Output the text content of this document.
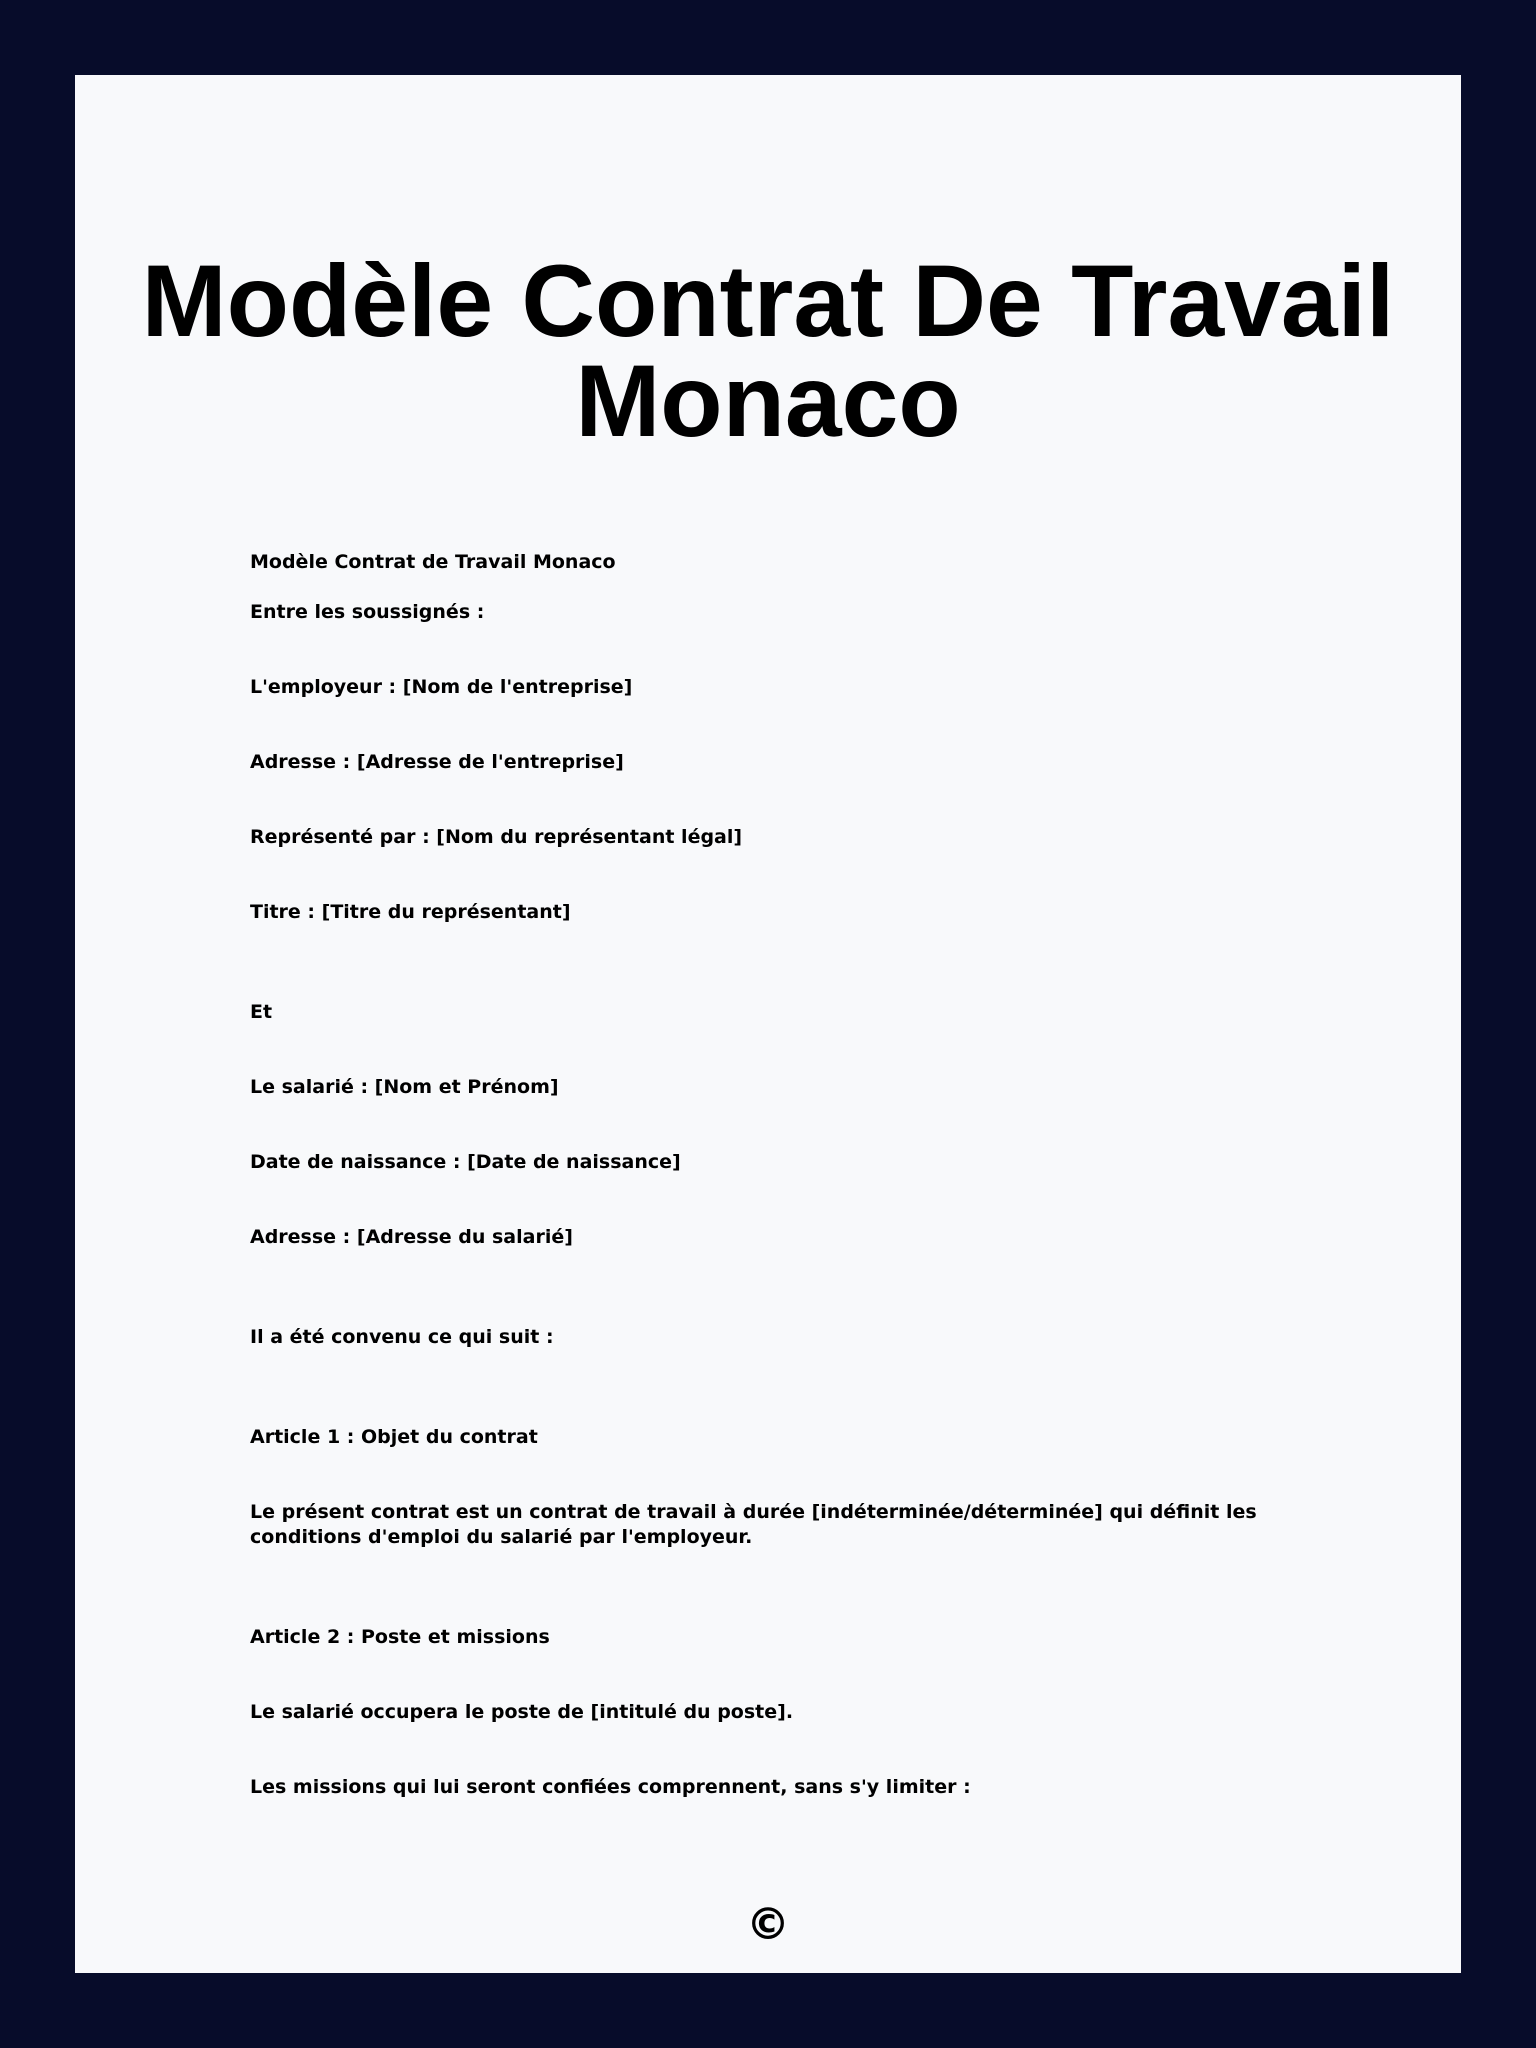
Modèle Contrat De Travail Monaco

Modèle Contrat de Travail Monaco

Entre les soussignés :

L'employeur : [Nom de l'entreprise]

Adresse : [Adresse de l'entreprise]

Représenté par : [Nom du représentant légal]

Titre : [Titre du représentant]

Et

Le salarié : [Nom et Prénom]

Date de naissance : [Date de naissance]

Adresse : [Adresse du salarié]

Il a été convenu ce qui suit :

Article 1 : Objet du contrat

Le présent contrat est un contrat de travail à durée [indéterminée/déterminée] qui définit les conditions d'emploi du salarié par l'employeur.

Article 2 : Poste et missions

Le salarié occupera le poste de [intitulé du poste].

Les missions qui lui seront confiées comprennent, sans s'y limiter :

©
